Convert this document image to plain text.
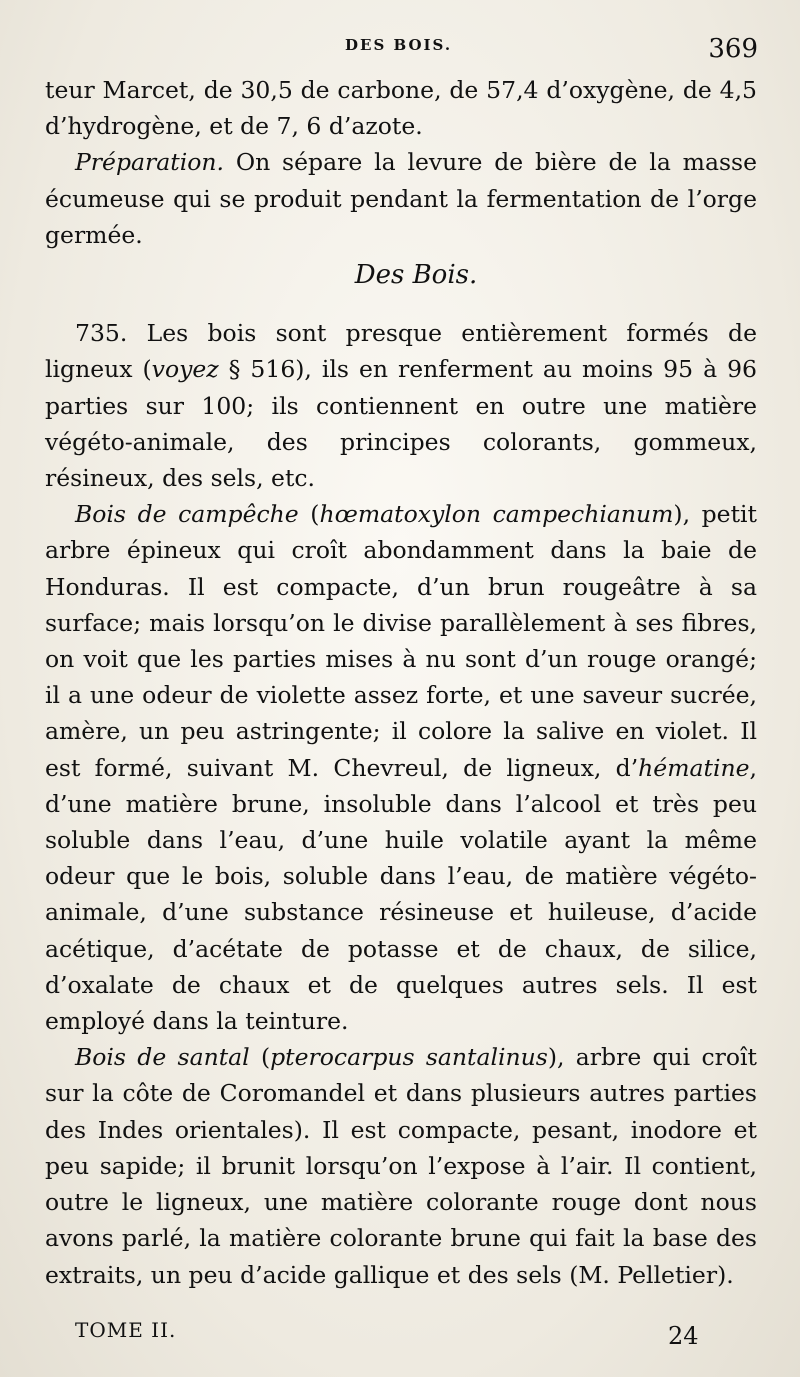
DES BOIS.	369

teur Marcet, de 30,5 de carbone, de 57,4 d’oxygène, de 4,5 d’hydrogène, et de 7, 6 d’azote.

Préparation. On sépare la levure de bière de la masse écumeuse qui se produit pendant la fermentation de l’orge germée.

Des Bois.

735. Les bois sont presque entièrement formés de ligneux (voyez § 516), ils en renferment au moins 95 à 96 parties sur 100; ils contiennent en outre une matière végéto-animale, des principes colorants, gommeux, résineux, des sels, etc.

Bois de campêche (hœmatoxylon campechianum), petit arbre épineux qui croît abondamment dans la baie de Honduras. Il est compacte, d’un brun rougeâtre à sa surface; mais lorsqu’on le divise parallèlement à ses fibres, on voit que les parties mises à nu sont d’un rouge orangé; il a une odeur de violette assez forte, et une saveur sucrée, amère, un peu astringente; il colore la salive en violet. Il est formé, suivant M. Chevreul, de ligneux, d’hématine, d’une matière brune, insoluble dans l’alcool et très peu soluble dans l’eau, d’une huile volatile ayant la même odeur que le bois, soluble dans l’eau, de matière végéto-animale, d’une substance résineuse et huileuse, d’acide acétique, d’acétate de potasse et de chaux, de silice, d’oxalate de chaux et de quelques autres sels. Il est employé dans la teinture.

Bois de santal (pterocarpus santalinus), arbre qui croît sur la côte de Coromandel et dans plusieurs autres parties des Indes orientales). Il est compacte, pesant, inodore et peu sapide; il brunit lorsqu’on l’expose à l’air. Il contient, outre le ligneux, une matière colorante rouge dont nous avons parlé, la matière colorante brune qui fait la base des extraits, un peu d’acide gallique et des sels (M. Pelletier).

TOME II.	24
